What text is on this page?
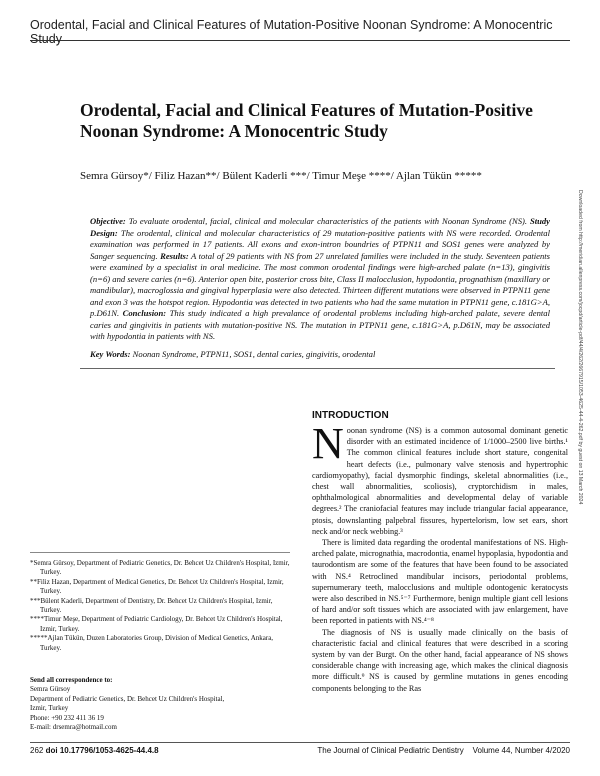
Orodental, Facial and Clinical Features of Mutation-Positive Noonan Syndrome: A Monocentric Study
Orodental, Facial and Clinical Features of Mutation-Positive Noonan Syndrome: A Monocentric Study
Semra Gürsoy*/ Filiz Hazan**/ Bülent Kaderli ***/ Timur Meşe ****/ Ajlan Tükün *****
Objective: To evaluate orodental, facial, clinical and molecular characteristics of the patients with Noonan Syndrome (NS). Study Design: The orodental, clinical and molecular characteristics of 29 mutation-positive patients with NS were recorded. Orodental examination was performed in 17 patients. All exons and exon-intron boundries of PTPN11 and SOS1 genes were analyzed by Sanger sequencing. Results: A total of 29 patients with NS from 27 unrelated families were included in the study. Seventeen patients were examined by a specialist in oral medicine. The most common orodental findings were high-arched palate (n=13), gingivitis (n=6) and severe caries (n=6). Anterior open bite, posterior cross bite, Class II malocclusion, hypodontia, prognathism (maxillary or mandibular), macroglossia and gingival hyperplasia were also detected. Thirteen different mutations were observed in PTPN11 gene and exon 3 was the hotspot region. Hypodontia was detected in two patients who had the same mutation in PTPN11 gene, c.181G>A, p.D61N. Conclusion: This study indicated a high prevalance of orodental problems including high-arched palate, severe dental caries and gingivitis in patients with mutation-positive NS. The mutation in PTPN11 gene, c.181G>A, p.D61N, may be associated with hypodontia in patients with NS.
Key Words: Noonan Syndrome, PTPN11, SOS1, dental caries, gingivitis, orodental	Downloaded from http://meridian.allenpress.com/jocpd/article-pdf/44/4/262/2667915/1053-4625-44-4-262.pdf by guest on 13 March 2024
INTRODUCTION

Noonan syndrome (NS) is a common autosomal dominant genetic disorder with an estimated incidence of 1/1000–2500 live births.¹ The common clinical features include short stature, congenital heart defects (i.e., pulmonary valve stenosis and hypertrophic cardiomyopathy), facial dysmorphic findings, skeletal abnormalities (i.e., chest wall abnormalities, scoliosis), cryptorchidism in males, ophthalmological abnormalities and developmental delay of variable degrees.² The craniofacial features may include triangular facial appearance, ptosis, downslanting palpebral fissures, hypertelorism, low set ears, short neck and/or neck webbing.³

There is limited data regarding the orodental manifestations of NS. High-arched palate, micrognathia, macrodontia, enamel hypoplasia, hypodontia and taurodontism are some of the features that have been found to be associated with NS.⁴ Retroclined mandibular incisors, periodontal problems, supernumerary teeth, malocclusions and multiple odontogenic keratocysts were also described in NS.⁵⁻⁷ Furthermore, benign multiple giant cell lesions of hard and/or soft tissues which are associated with jaw enlargement, have been reported in patients with NS.⁴⁻⁸

The diagnosis of NS is usually made clinically on the basis of characteristic facial and clinical features that were described in a scoring system by van der Burgt. On the other hand, facial appearance of NS shows considerable change with increasing age, which makes the clinical diagnosis more difficult.⁹ NS is caused by germline mutations in genes encoding components belonging to the Ras

*Semra Gürsoy, Department of Pediatric Genetics, Dr. Behcet Uz Children's Hospital, Izmir, Turkey.
**Filiz Hazan, Department of Medical Genetics, Dr. Behcet Uz Children's Hospital, Izmir, Turkey.
***Bülent Kaderli, Department of Dentistry, Dr. Behcet Uz Children's Hospital, Izmir, Turkey.
****Timur Meşe, Department of Pediatric Cardiology, Dr. Behcet Uz Children's Hospital, Izmir, Turkey.
*****Ajlan Tükün, Duzen Laboratories Group, Division of Medical Genetics, Ankara, Turkey.
Send all correspondence to:
Semra Gürsoy
Department of Pediatric Genetics, Dr. Behcet Uz Children's Hospital,
Izmir, Turkey
Phone: +90 232 411 36 19
E-mail: drsemra@hotmail.com
262 doi 10.17796/1053-4625-44.4.8	The Journal of Clinical Pediatric Dentistry Volume 44, Number 4/2020
